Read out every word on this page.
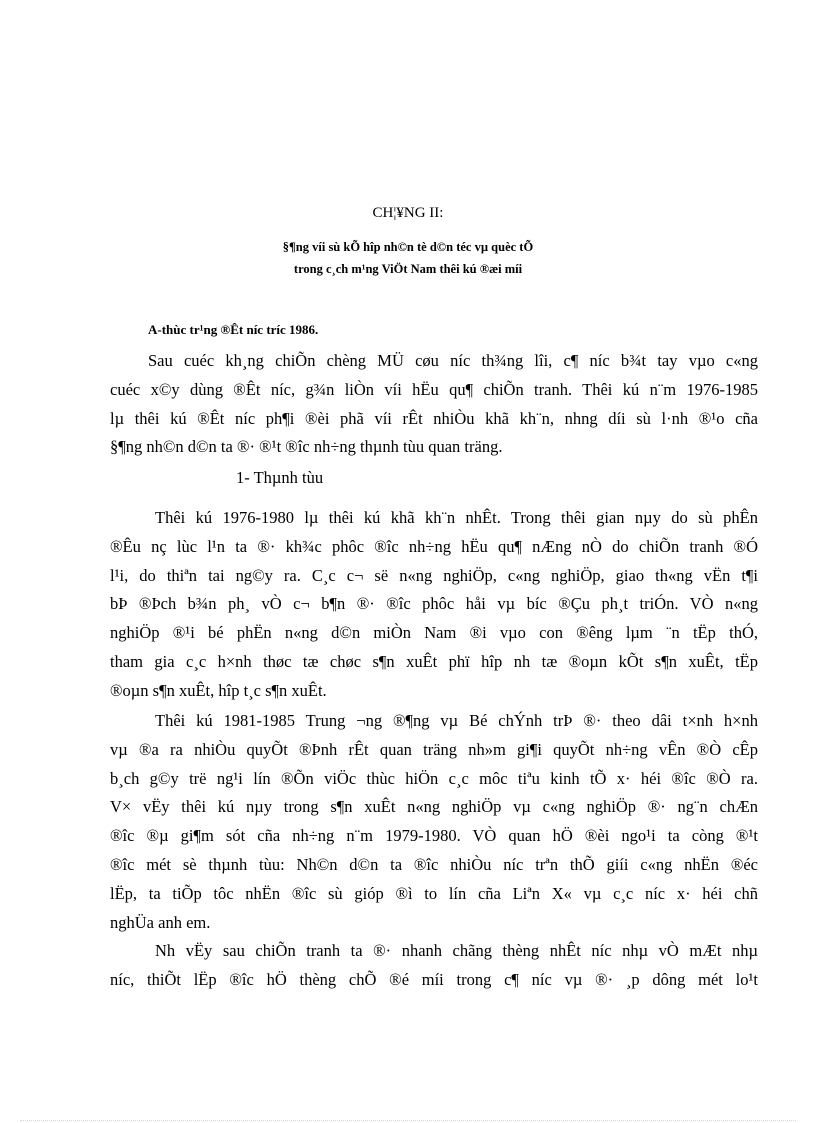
CH¦¥NG II:
§¶ng víi sù kÕ hîp nh©n tè d©n téc vµ quèc tÕ
trong c¸ch m¹ng ViÖt Nam thêi kú ®æi míi
A-thùc tr¹ng ®Êt níc tríc 1986.

Sau cuéc kh¸ng chiÕn chèng MÜ cøu níc th¾ng lîi, c¶ níc b¾t tay vµo c«ng
cuéc x©y dùng ®Êt níc, g¾n liÒn víi hËu qu¶ chiÕn tranh. Thêi kú n¨m 1976-1985
lµ thêi kú ®Êt níc ph¶i ®èi phã víi rÊt nhiÒu khã kh¨n, nhng díi sù l·nh ®¹o cña
§¶ng nh©n d©n ta ®· ®¹t ®îc nh÷ng thµnh tùu quan träng.

1- Thµnh tùu

Thêi kú 1976-1980 lµ thêi kú khã kh¨n nhÊt. Trong thêi gian nµy do sù phÊn
®Êu nç lùc l¹n ta ®· kh¾c phôc ®îc nh÷ng hËu qu¶ nÆng nÒ do chiÕn tranh ®Ó
l¹i, do thiªn tai ng©y ra. C¸c c¬ së n«ng nghiÖp, c«ng nghiÖp, giao th«ng vËn t¶i
bÞ ®Þch b¾n ph¸ vÒ c¬ b¶n ®· ®îc phôc håi vµ bíc ®Çu ph¸t triÓn. VÒ n«ng
nghiÖp ®¹i bé phËn n«ng d©n miÒn Nam ®i vµo con ®êng lµm ¨n tËp thÓ,
tham gia c¸c h×nh thøc tæ chøc s¶n xuÊt phï hîp nh tæ ®oµn kÕt s¶n xuÊt, tËp
®oµn s¶n xuÊt, hîp t¸c s¶n xuÊt.

Thêi kú 1981-1985 Trung ¬ng ®¶ng vµ Bé chÝnh trÞ ®· theo dâi t×nh h×nh
vµ ®a ra nhiÒu quyÕt ®Þnh rÊt quan träng nh»m gi¶i quyÕt nh÷ng vÊn ®Ò cÊp
b¸ch g©y trë ng¹i lín ®Õn viÖc thùc hiÖn c¸c môc tiªu kinh tÕ x· héi ®îc ®Ò ra.
V× vËy thêi kú nµy trong s¶n xuÊt n«ng nghiÖp vµ c«ng nghiÖp ®· ng¨n chÆn
®îc ®µ gi¶m sót cña nh÷ng n¨m 1979-1980. VÒ quan hÖ ®èi ngo¹i ta còng ®¹t
®îc mét sè thµnh tùu: Nh©n d©n ta ®îc nhiÒu níc trªn thÕ giíi c«ng nhËn ®éc
lËp, ta tiÕp tôc nhËn ®îc sù gióp ®ì to lín cña Liªn X« vµ c¸c níc x· héi chñ
nghÜa anh em.

Nh vËy sau chiÕn tranh ta ®· nhanh chãng thèng nhÊt níc nhµ vÒ mÆt nhµ
níc, thiÕt lËp ®îc hÖ thèng chÕ ®é míi trong c¶ níc vµ ®· ¸p dông mét lo¹t
